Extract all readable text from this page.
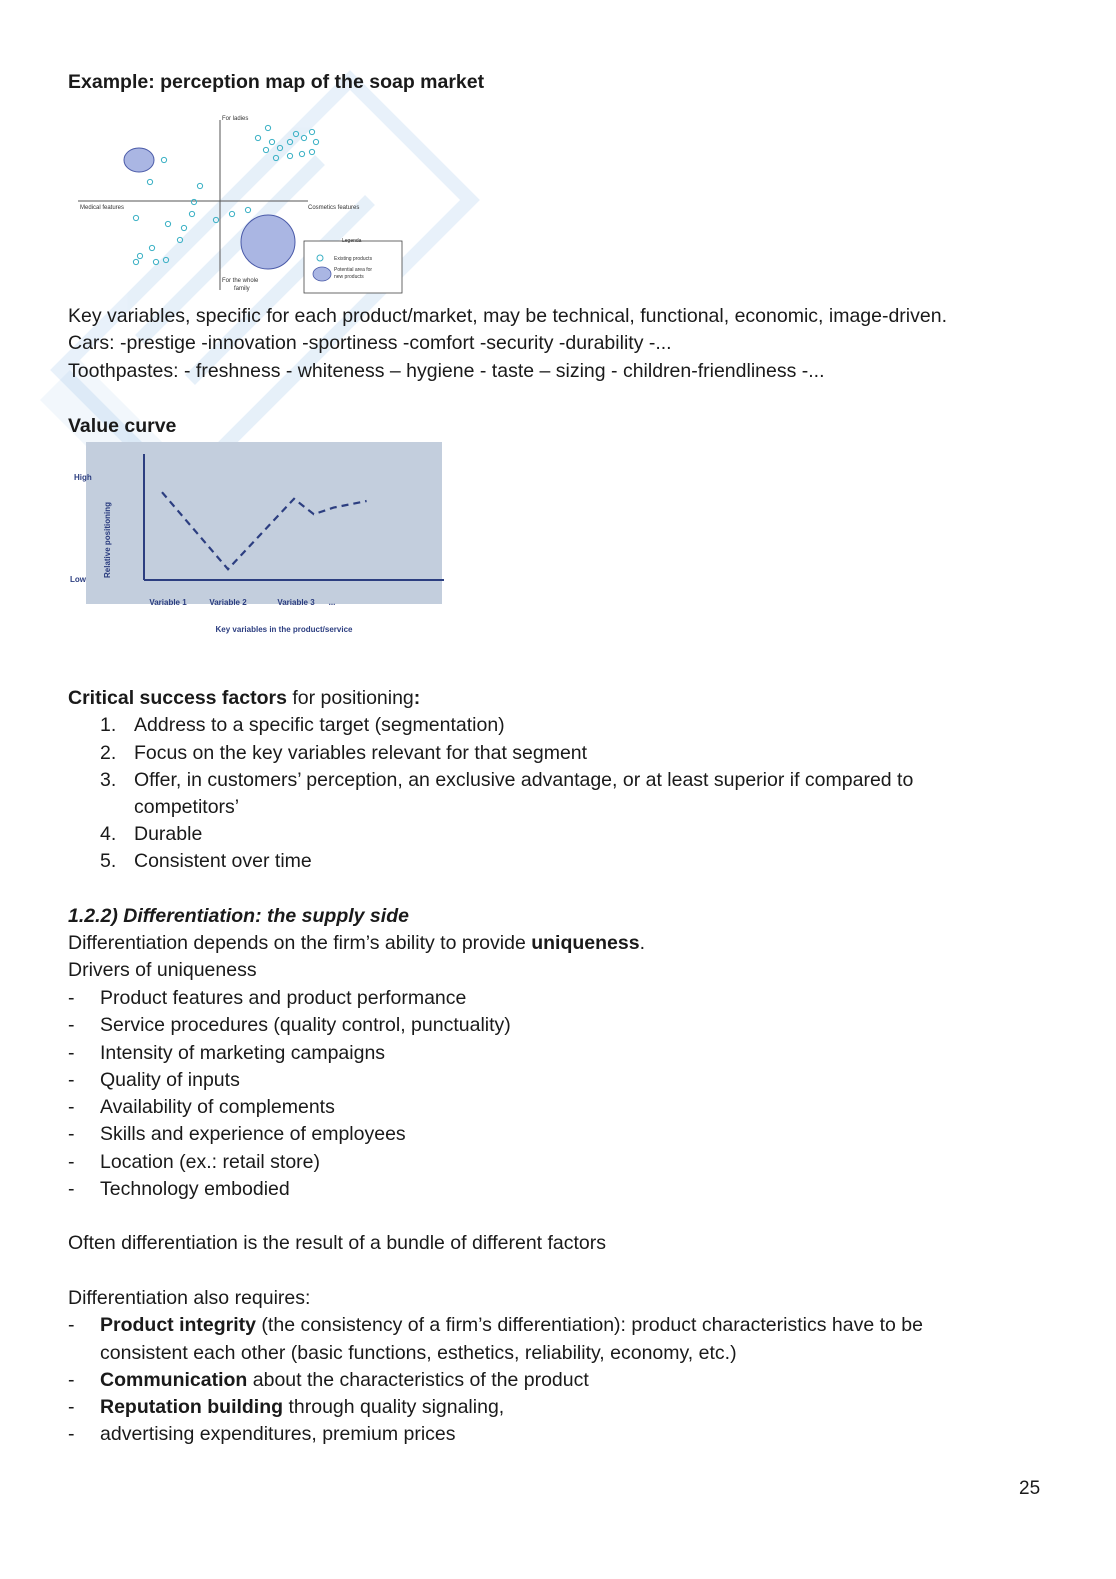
Example: perception map of the soap market
For ladies
Medical features	Cosmetics features
For the whole
family
Legenda
Existing products
Potential area for
new products
Key variables, specific for each product/market, may be technical, functional, economic, image-driven.
Cars: -prestige -innovation -sportiness -comfort -security -durability -...
Toothpastes: - freshness - whiteness – hygiene - taste – sizing - children-friendliness -...
Value curve
High
Low
Relative positioning
Variable 1	Variable 2	Variable 3 ...
Key variables in the product/service
Critical success factors for positioning:
1. Address to a specific target (segmentation)
2. Focus on the key variables relevant for that segment
3. Offer, in customers’ perception, an exclusive advantage, or at least superior if compared to
competitors’
4. Durable
5. Consistent over time
1.2.2) Differentiation: the supply side
Differentiation depends on the firm’s ability to provide uniqueness.
Drivers of uniqueness
- Product features and product performance
- Service procedures (quality control, punctuality)
- Intensity of marketing campaigns
- Quality of inputs
- Availability of complements
- Skills and experience of employees
- Location (ex.: retail store)
- Technology embodied
Often differentiation is the result of a bundle of different factors
Differentiation also requires:
- Product integrity (the consistency of a firm’s differentiation): product characteristics have to be
consistent each other (basic functions, esthetics, reliability, economy, etc.)
- Communication about the characteristics of the product
- Reputation building through quality signaling,
- advertising expenditures, premium prices
25
